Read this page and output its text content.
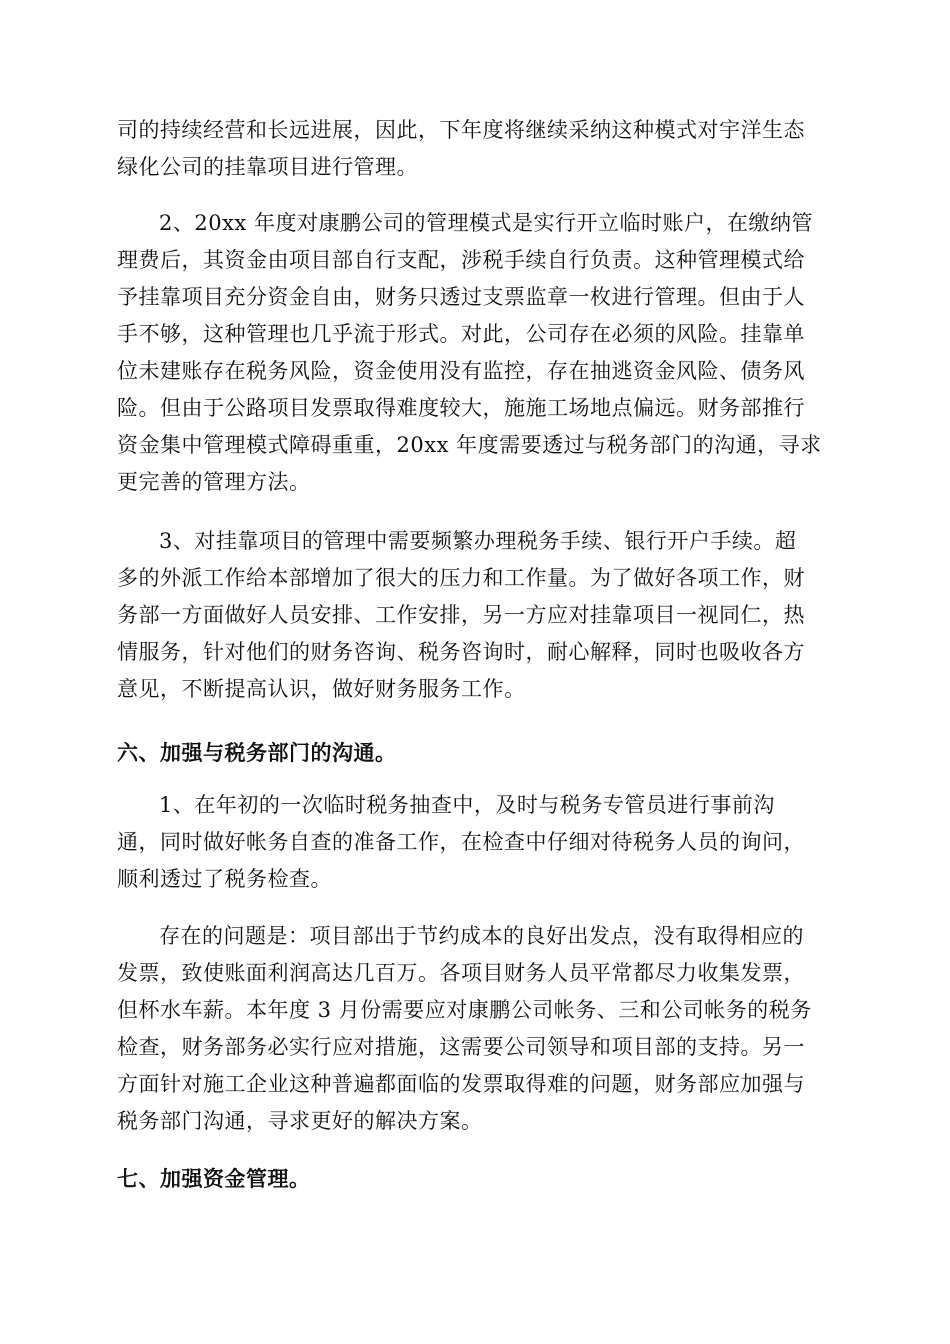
司的持续经营和长远进展，因此，下年度将继续采纳这种模式对宇洋生态
绿化公司的挂靠项目进行管理。
2、20xx 年度对康鹏公司的管理模式是实行开立临时账户，在缴纳管
理费后，其资金由项目部自行支配，涉税手续自行负责。这种管理模式给
予挂靠项目充分资金自由，财务只透过支票监章一枚进行管理。但由于人
手不够，这种管理也几乎流于形式。对此，公司存在必须的风险。挂靠单
位未建账存在税务风险，资金使用没有监控，存在抽逃资金风险、债务风
险。但由于公路项目发票取得难度较大，施施工场地点偏远。财务部推行
资金集中管理模式障碍重重，20xx 年度需要透过与税务部门的沟通，寻求
更完善的管理方法。
3、对挂靠项目的管理中需要频繁办理税务手续、银行开户手续。超
多的外派工作给本部增加了很大的压力和工作量。为了做好各项工作，财
务部一方面做好人员安排、工作安排，另一方应对挂靠项目一视同仁，热
情服务，针对他们的财务咨询、税务咨询时，耐心解释，同时也吸收各方
意见，不断提高认识，做好财务服务工作。
六、加强与税务部门的沟通。
1、在年初的一次临时税务抽查中，及时与税务专管员进行事前沟
通，同时做好帐务自查的准备工作，在检查中仔细对待税务人员的询问，
顺利透过了税务检查。
存在的问题是：项目部出于节约成本的良好出发点，没有取得相应的
发票，致使账面利润高达几百万。各项目财务人员平常都尽力收集发票，
但杯水车薪。本年度 3 月份需要应对康鹏公司帐务、三和公司帐务的税务
检查，财务部务必实行应对措施，这需要公司领导和项目部的支持。另一
方面针对施工企业这种普遍都面临的发票取得难的问题，财务部应加强与
税务部门沟通，寻求更好的解决方案。
七、加强资金管理。
